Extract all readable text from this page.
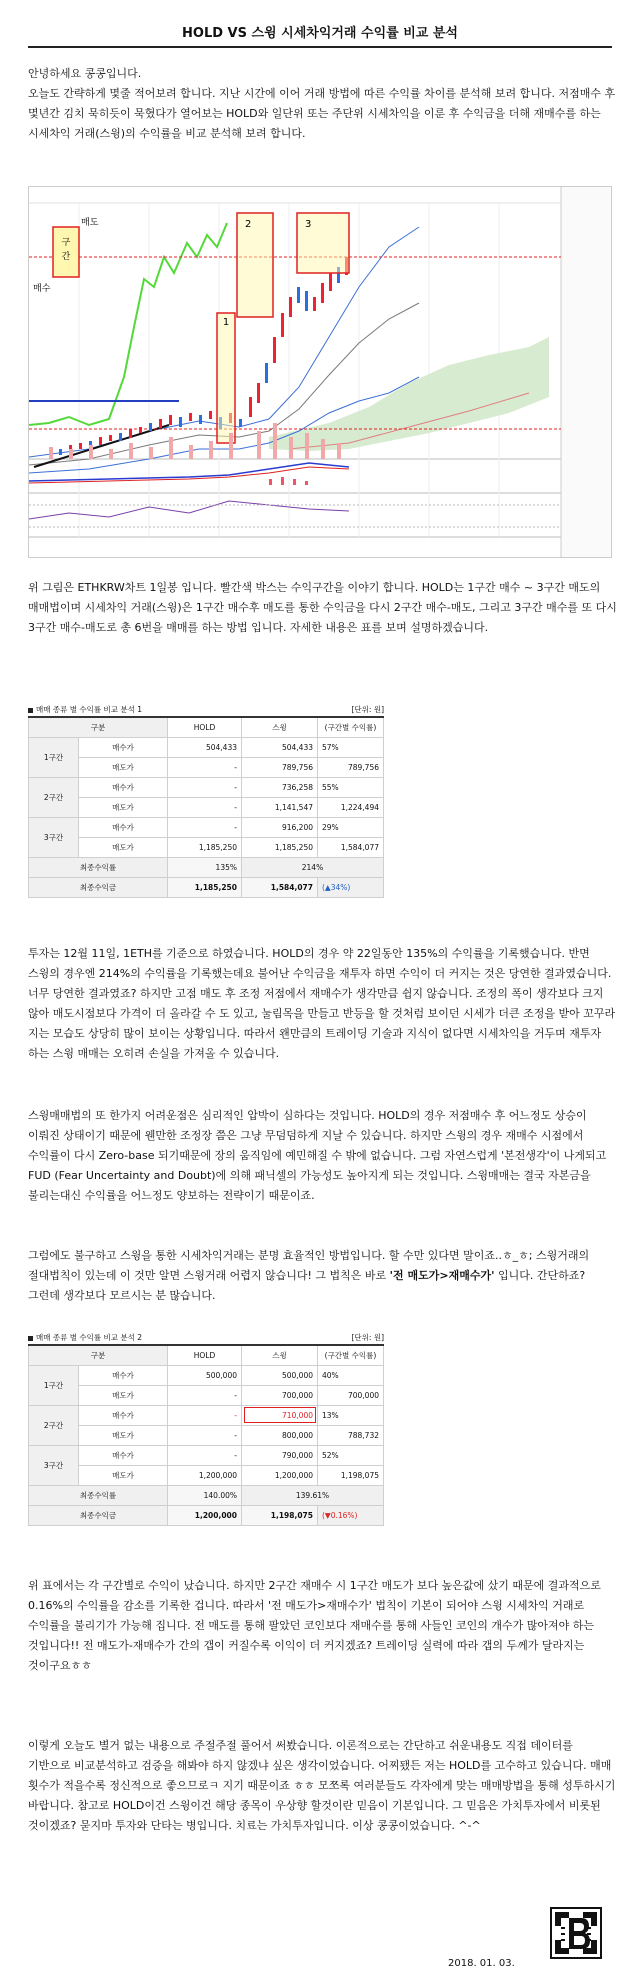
HOLD VS 스윙 시세차익거래 수익률 비교 분석
안녕하세요 콩콩입니다.
오늘도 간략하게 몇줄 적어보려 합니다. 지난 시간에 이어 거래 방법에 따른 수익률 차이를 분석해 보려 합니다. 저점매수 후 몇년간 김치 묵히듯이 묵혔다가 열어보는 HOLD와 일단위 또는 주단위 시세차익을 이룬 후 수익금을 더해 재매수를 하는 시세차익 거래(스윙)의 수익률을 비교 분석해 보려 합니다.
구
간
매도
매수
1
2	3
위 그림은 ETHKRW차트 1일봉 입니다. 빨간색 박스는 수익구간을 이야기 합니다. HOLD는 1구간 매수 ~ 3구간 매도의 매매법이며 시세차익 거래(스윙)은 1구간 매수후 매도를 통한 수익금을 다시 2구간 매수-매도, 그리고 3구간 매수를 또 다시 3구간 매수-매도로 총 6번을 매매를 하는 방법 입니다. 자세한 내용은 표를 보며 설명하겠습니다.
매매 종류 별 수익률 비교 분석 1	[단위: 원]
구분		HOLD	스윙	(구간별 수익률)
1구간	매수가	504,433	504,433	57%
	매도가	-	789,756	789,756
2구간	매수가	-	736,258	55%
	매도가	-	1,141,547	1,224,494
3구간	매수가	-	916,200	29%
	매도가	1,185,250	1,185,250	1,584,077
최종수익률		135%	214%	
최종수익금		1,185,250	1,584,077	(▲34%)
투자는 12월 11일, 1ETH를 기준으로 하였습니다. HOLD의 경우 약 22일동안 135%의 수익률을 기록했습니다. 반면 스윙의 경우엔 214%의 수익률을 기록했는데요 불어난 수익금을 재투자 하면 수익이 더 커지는 것은 당연한 결과였습니다. 너무 당연한 결과였죠? 하지만 고점 매도 후 조정 저점에서 재매수가 생각만큼 쉽지 않습니다. 조정의 폭이 생각보다 크지 않아 매도시점보다 가격이 더 올라갈 수 도 있고, 눌림목을 만들고 반등을 할 것처럼 보이던 시세가 더큰 조정을 받아 꼬꾸라 지는 모습도 상당히 많이 보이는 상황입니다. 따라서 왠만큼의 트레이딩 기술과 지식이 없다면 시세차익을 거두며 재투자 하는 스윙 매매는 오히려 손실을 가져올 수 있습니다.
스윙매매법의 또 한가지 어려운점은 심리적인 압박이 심하다는 것입니다. HOLD의 경우 저점매수 후 어느정도 상승이 이뤄진 상태이기 때문에 웬만한 조정장 쯤은 그냥 무덤덤하게 지날 수 있습니다. 하지만 스윙의 경우 재매수 시점에서 수익률이 다시 Zero-base 되기때문에 장의 움직임에 예민해질 수 밖에 없습니다. 그럼 자연스럽게 '본전생각'이 나게되고 FUD (Fear Uncertainty and Doubt)에 의해 패닉셀의 가능성도 높아지게 되는 것입니다. 스윙매매는 결국 자본금을 불리는대신 수익률을 어느정도 양보하는 전략이기 때문이죠.
그럼에도 불구하고 스윙을 통한 시세차익거래는 분명 효율적인 방법입니다. 할 수만 있다면 말이죠..ㅎ_ㅎ; 스윙거래의 절대법칙이 있는데 이 것만 알면 스윙거래 어렵지 않습니다! 그 법칙은 바로 '전 매도가>재매수가' 입니다. 간단하죠? 그런데 생각보다 모르시는 분 많습니다.
매매 종류 별 수익률 비교 분석 2	[단위: 원]
구분		HOLD	스윙	(구간별 수익률)
1구간	매수가	500,000	500,000	40%
	매도가	-	700,000	700,000
2구간	매수가	-	710,000	13%
	매도가	-	800,000	788,732
3구간	매수가	-	790,000	52%
	매도가	1,200,000	1,200,000	1,198,075
최종수익률		140.00%	139.61%	
최종수익금		1,200,000	1,198,075	(▼0.16%)
위 표에서는 각 구간별로 수익이 났습니다. 하지만 2구간 재매수 시 1구간 매도가 보다 높은값에 샀기 때문에 결과적으로 0.16%의 수익률을 감소를 기록한 겁니다. 따라서 '전 매도가>재매수가' 법칙이 기본이 되어야 스윙 시세차익 거래로 수익률을 불리기가 가능해 집니다. 전 매도를 통해 팔았던 코인보다 재매수를 통해 사들인 코인의 개수가 많아져야 하는 것입니다!! 전 매도가-재매수가 간의 갭이 커질수록 이익이 더 커지겠죠? 트레이딩 실력에 따라 갭의 두께가 달라지는 것이구요ㅎㅎ
이렇게 오늘도 별거 없는 내용으로 주절주절 풀어서 써봤습니다. 이론적으로는 간단하고 쉬운내용도 직접 데이터를 기반으로 비교분석하고 검증을 해봐야 하지 않겠냐 싶은 생각이었습니다. 어찌됐든 저는 HOLD를 고수하고 있습니다. 매매 횟수가 적을수록 정신적으로 좋으므로ㅋ 지기 때문이죠 ㅎㅎ 모쪼록 여러분들도 각자에게 맞는 매매방법을 통해 성투하시기 바랍니다. 참고로 HOLD이건 스윙이건 해당 종목이 우상향 할것이란 믿음이 기본입니다. 그 믿음은 가치투자에서 비롯된 것이겠죠? 묻지마 투자와 단타는 병입니다. 치료는 가치투자입니다. 이상 콩콩이었습니다. ^-^
2018. 01. 03.
